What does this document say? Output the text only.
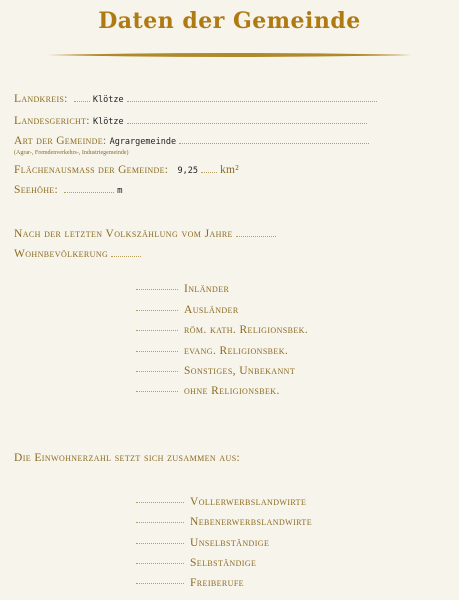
Daten der Gemeinde
Landkreis:	Klötze
Landesgericht: Klötze
Art der Gemeinde: Agrargemeinde
(Agrar-, Fremdenverkehrs-, Industriegemeinde)
Flächenausmass der Gemeinde: 9,25 km²
Seehöhe:	m
Nach der letzten Volkszählung vom Jahre
Wohnbevölkerung
Inländer
Ausländer
röm. kath. Religionsbek.
evang. Religionsbek.
Sonstiges, Unbekannt
ohne Religionsbek.
Die Einwohnerzahl setzt sich zusammen aus:
Vollerwerbslandwirte
Nebenerwerbslandwirte
Unselbständige
Selbständige
Freiberufe
